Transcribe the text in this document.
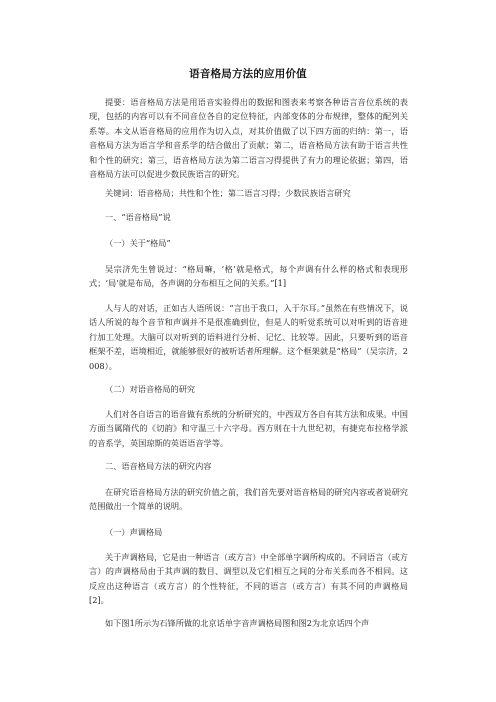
语音格局方法的应用价值

提要：语音格局方法是用语音实验得出的数据和图表来考察各种语言音位系统的表现，包括的内容可以有不同音位各自的定位特征，内部变体的分布规律，整体的配列关系等。本文从语音格局的应用作为切入点，对其价值做了以下四方面的归纳：第一，语音格局方法为语言学和音系学的结合做出了贡献；第二，语音格局方法有助于语言共性和个性的研究；第三，语音格局方法为第二语言习得提供了有力的理论依据；第四，语音格局方法可以促进少数民族语言的研究。

关键词：语音格局；共性和个性；第二语言习得；少数民族语言研究

一、“语音格局”说
（一）关于“格局”

吴宗济先生曾说过：“格局嘛，‘格’就是格式，每个声调有什么样的格式和表现形式；‘局’就是布局，各声调的分布相互之间的关系。”[1]

人与人的对话，正如古人语所说：“言出于我口，入于尔耳。”虽然在有些情况下，说话人所说的每个音节和声调并不是很准确到位，但是人的听觉系统可以对听到的语音进行加工处理。大脑可以对听到的语料进行分析、记忆、比较等。因此，只要听到的语音框架不差，语境相近，就能够很好的被听话者所理解。这个框架就是“格局”（吴宗济，2008）。

（二）对语音格局的研究

人们对各自语言的语音做有系统的分析研究的，中西双方各自有其方法和成果。中国方面当属隋代的《切韵》和守温三十六字母。西方则在十九世纪初，有捷克布拉格学派的音系学，英国琼斯的英语语音学等。

二、语音格局方法的研究内容

在研究语音格局方法的研究价值之前，我们首先要对语音格局的研究内容或者说研究范围做出一个简单的说明。

（一）声调格局

关于声调格局，它是由一种语言（或方言）中全部单字调所构成的。不同语言（或方言）的声调格局由于其声调的数目、调型以及它们相互之间的分布关系而各不相同。这反应出这种语言（或方言）的个性特征，不同的语言（或方言）有其不同的声调格局[2]。

如下图1所示为石锋所做的北京话单字音声调格局图和图2为北京话四个声
